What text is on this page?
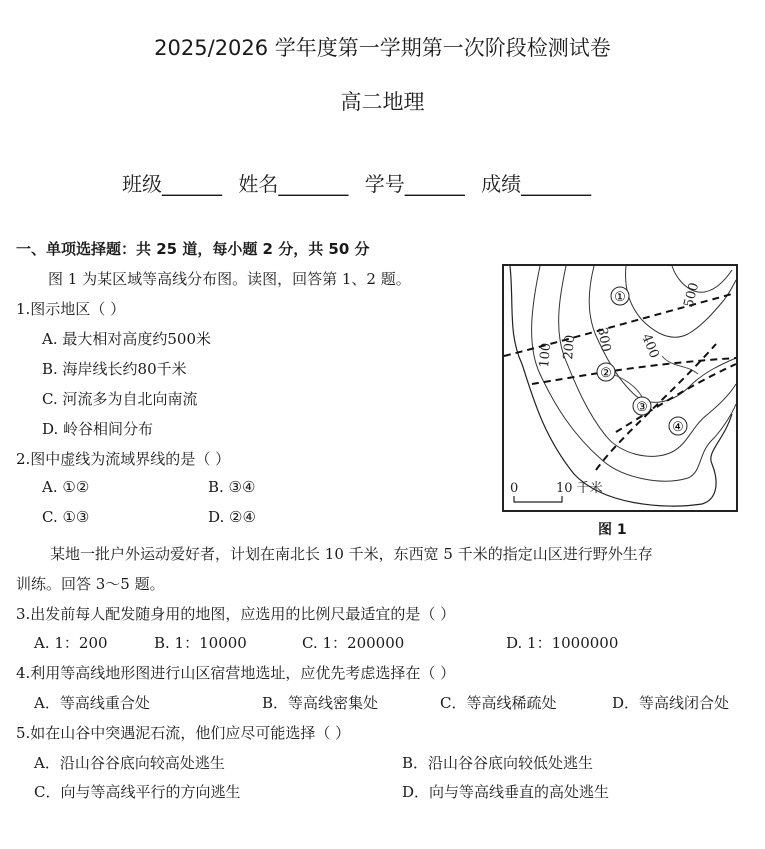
2025/2026 学年度第一学期第一次阶段检测试卷
高二地理
班级______ 姓名_______ 学号______ 成绩_______
一、单项选择题：共 25 道，每小题 2 分，共 50 分
图 1 为某区域等高线分布图。读图，回答第 1、2 题。
1.图示地区（ ）
A. 最大相对高度约500米
B. 海岸线长约80千米
C. 河流多为自北向南流
D. 岭谷相间分布
2.图中虚线为流域界线的是（ ）
A. ①②	B. ③④
C. ①③	D. ②④
500
400
300
200
100
①
②
③
④
0	10 千米
图 1
某地一批户外运动爱好者，计划在南北长 10 千米，东西宽 5 千米的指定山区进行野外生存
训练。回答 3～5 题。
3.出发前每人配发随身用的地图，应选用的比例尺最适宜的是（ ）
A. 1：200	B. 1：10000	C. 1：200000	D. 1：1000000
4.利用等高线地形图进行山区宿营地选址，应优先考虑选择在（ ）
A．等高线重合处	B．等高线密集处	C．等高线稀疏处	D．等高线闭合处
5.如在山谷中突遇泥石流，他们应尽可能选择（ ）
A．沿山谷谷底向较高处逃生	B．沿山谷谷底向较低处逃生
C．向与等高线平行的方向逃生	D．向与等高线垂直的高处逃生
